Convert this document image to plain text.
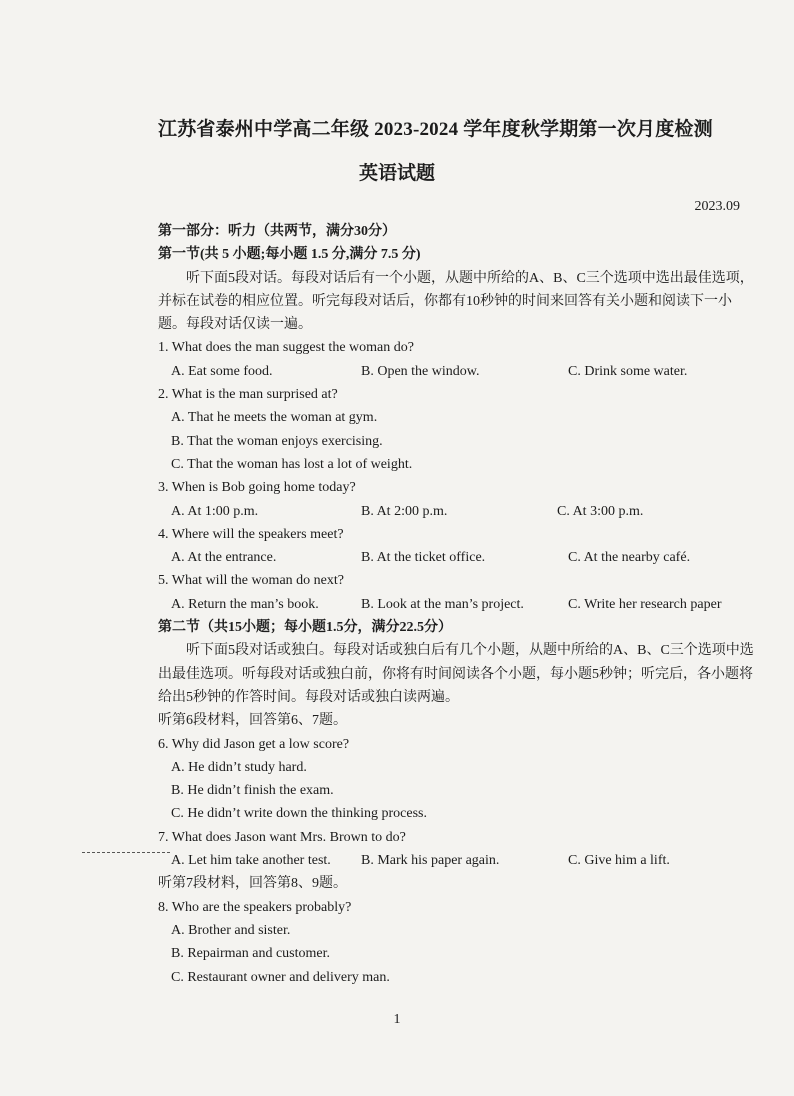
江苏省泰州中学高二年级 2023-2024 学年度秋学期第一次月度检测
英语试题
2023.09
第一部分：听力（共两节，满分30分）
第一节(共 5 小题;每小题 1.5 分,满分 7.5 分)
听下面5段对话。每段对话后有一个小题，从题中所给的A、B、C三个选项中选出最佳选项，并标在试卷的相应位置。听完每段对话后，你都有10秒钟的时间来回答有关小题和阅读下一小题。每段对话仅读一遍。
1. What does the man suggest the woman do?
A. Eat some food.	B. Open the window.	C. Drink some water.
2. What is the man surprised at?
A. That he meets the woman at gym.
B. That the woman enjoys exercising.
C. That the woman has lost a lot of weight.
3. When is Bob going home today?
A. At 1:00 p.m.	B. At 2:00 p.m.	C. At 3:00 p.m.
4. Where will the speakers meet?
A. At the entrance.	B. At the ticket office.	C. At the nearby café.
5. What will the woman do next?
A. Return the man’s book.	B. Look at the man’s project.	C. Write her research paper
第二节（共15小题；每小题1.5分，满分22.5分）
听下面5段对话或独白。每段对话或独白后有几个小题，从题中所给的A、B、C三个选项中选出最佳选项。听每段对话或独白前，你将有时间阅读各个小题，每小题5秒钟；听完后，各小题将给出5秒钟的作答时间。每段对话或独白读两遍。
听第6段材料，回答第6、7题。
6. Why did Jason get a low score?
A. He didn’t study hard.
B. He didn’t finish the exam.
C. He didn’t write down the thinking process.
7. What does Jason want Mrs. Brown to do?
A. Let him take another test.	B. Mark his paper again.	C. Give him a lift.
听第7段材料，回答第8、9题。
8. Who are the speakers probably?
A. Brother and sister.
B. Repairman and customer.
C. Restaurant owner and delivery man.
1
